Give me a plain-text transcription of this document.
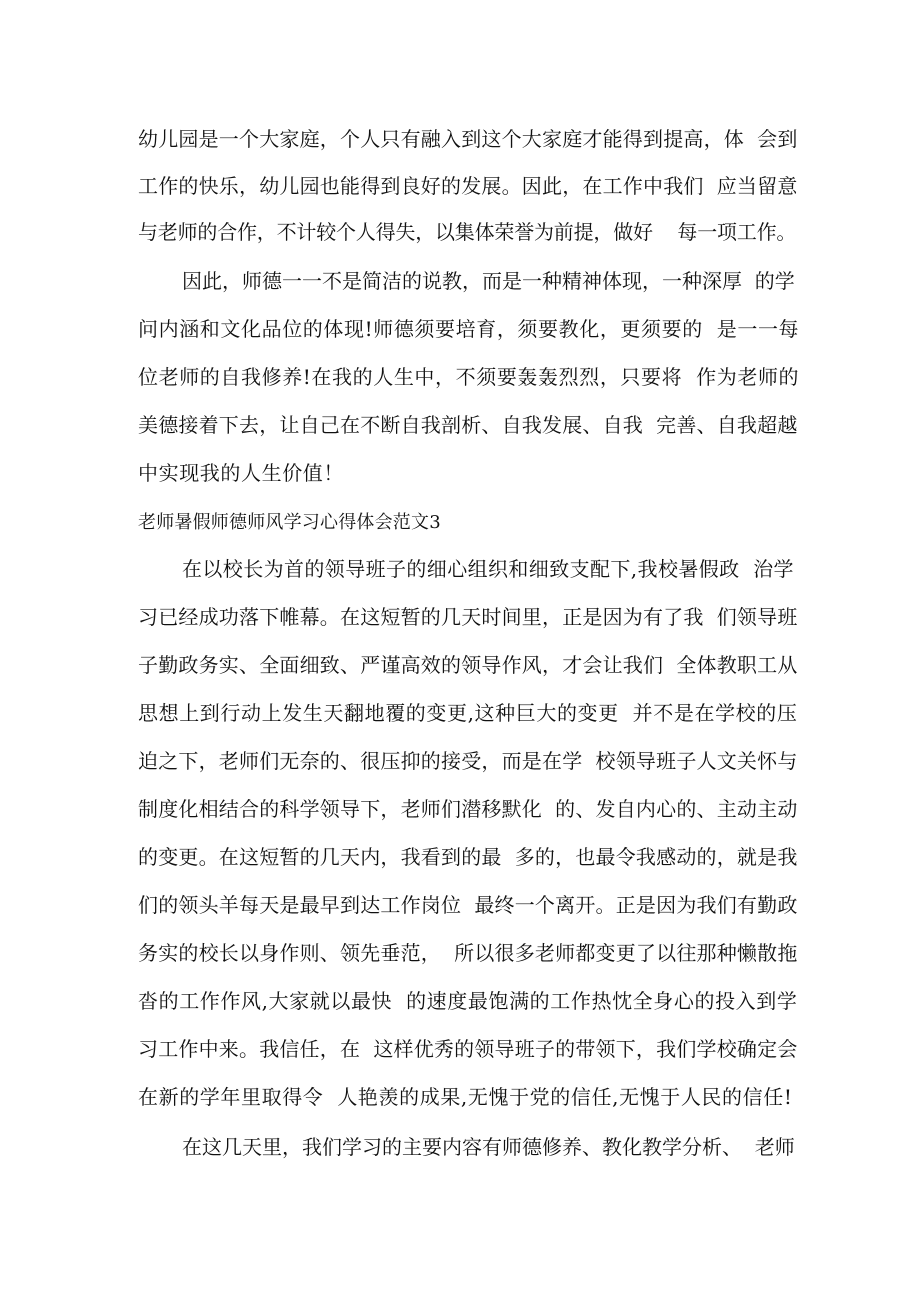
幼儿园是一个大家庭，个人只有融入到这个大家庭才能得到提高，体  会到

工作的快乐，幼儿园也能得到良好的发展。因此，在工作中我们  应当留意

与老师的合作，不计较个人得失，以集体荣誉为前提，做好    每一项工作。

因此，师德一一不是简洁的说教，而是一种精神体现，一种深厚  的学

问内涵和文化品位的体现!师德须要培育，须要教化，更须要的  是一一每

位老师的自我修养!在我的人生中，不须要轰轰烈烈，只要将  作为老师的

美德接着下去，让自己在不断自我剖析、自我发展、自我  完善、自我超越

中实现我的人生价值！

老师暑假师德师风学习心得体会范文3

在以校长为首的领导班子的细心组织和细致支配下,我校暑假政  治学

习已经成功落下帷幕。在这短暂的几天时间里，正是因为有了我  们领导班

子勤政务实、全面细致、严谨高效的领导作风，才会让我们  全体教职工从

思想上到行动上发生天翻地覆的变更,这种巨大的变更  并不是在学校的压

迫之下，老师们无奈的、很压抑的接受，而是在学  校领导班子人文关怀与

制度化相结合的科学领导下，老师们潜移默化  的、发自内心的、主动主动

的变更。在这短暂的几天内，我看到的最  多的，也最令我感动的，就是我

们的领头羊每天是最早到达工作岗位  最终一个离开。正是因为我们有勤政

务实的校长以身作则、领先垂范，  所以很多老师都变更了以往那种懒散拖

沓的工作作风,大家就以最快  的速度最饱满的工作热忱全身心的投入到学

习工作中来。我信任，在  这样优秀的领导班子的带领下，我们学校确定会

在新的学年里取得令  人艳羡的成果,无愧于党的信任,无愧于人民的信任!

在这几天里，我们学习的主要内容有师德修养、教化教学分析、  老师
